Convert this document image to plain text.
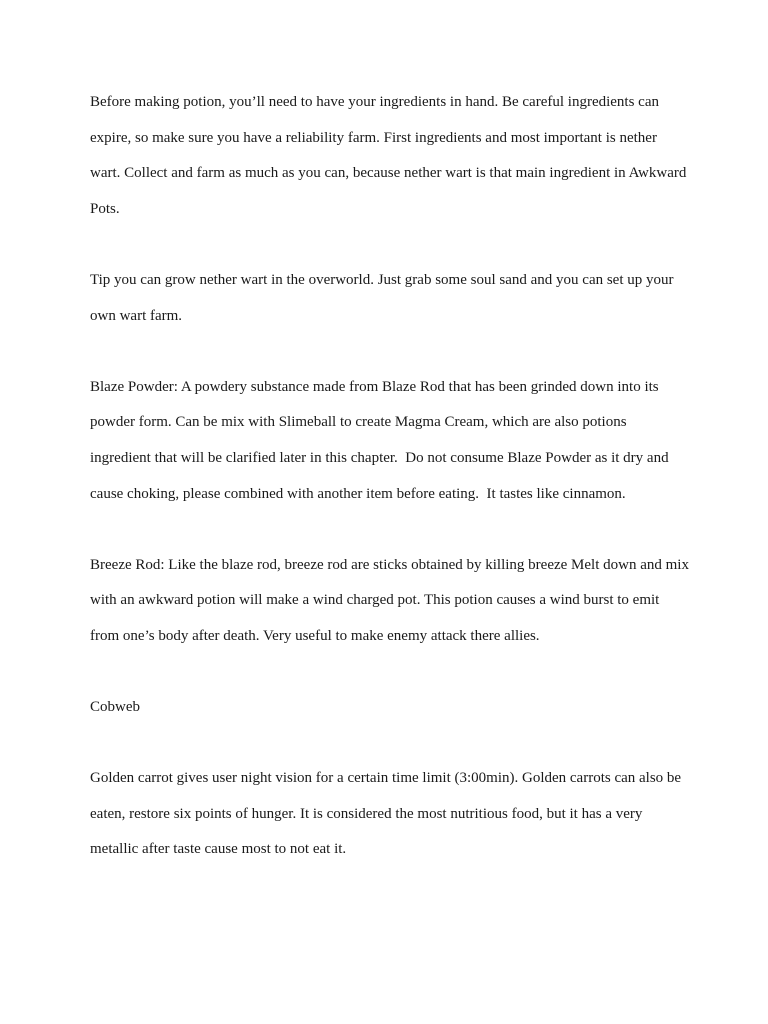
Before making potion, you’ll need to have your ingredients in hand. Be careful ingredients can expire, so make sure you have a reliability farm. First ingredients and most important is nether wart. Collect and farm as much as you can, because nether wart is that main ingredient in Awkward Pots.

Tip you can grow nether wart in the overworld. Just grab some soul sand and you can set up your own wart farm.

Blaze Powder: A powdery substance made from Blaze Rod that has been grinded down into its powder form. Can be mix with Slimeball to create Magma Cream, which are also potions ingredient that will be clarified later in this chapter.  Do not consume Blaze Powder as it dry and cause choking, please combined with another item before eating.  It tastes like cinnamon.

Breeze Rod: Like the blaze rod, breeze rod are sticks obtained by killing breeze Melt down and mix with an awkward potion will make a wind charged pot. This potion causes a wind burst to emit from one’s body after death. Very useful to make enemy attack there allies.

Cobweb

Golden carrot gives user night vision for a certain time limit (3:00min). Golden carrots can also be eaten, restore six points of hunger. It is considered the most nutritious food, but it has a very metallic after taste cause most to not eat it.
